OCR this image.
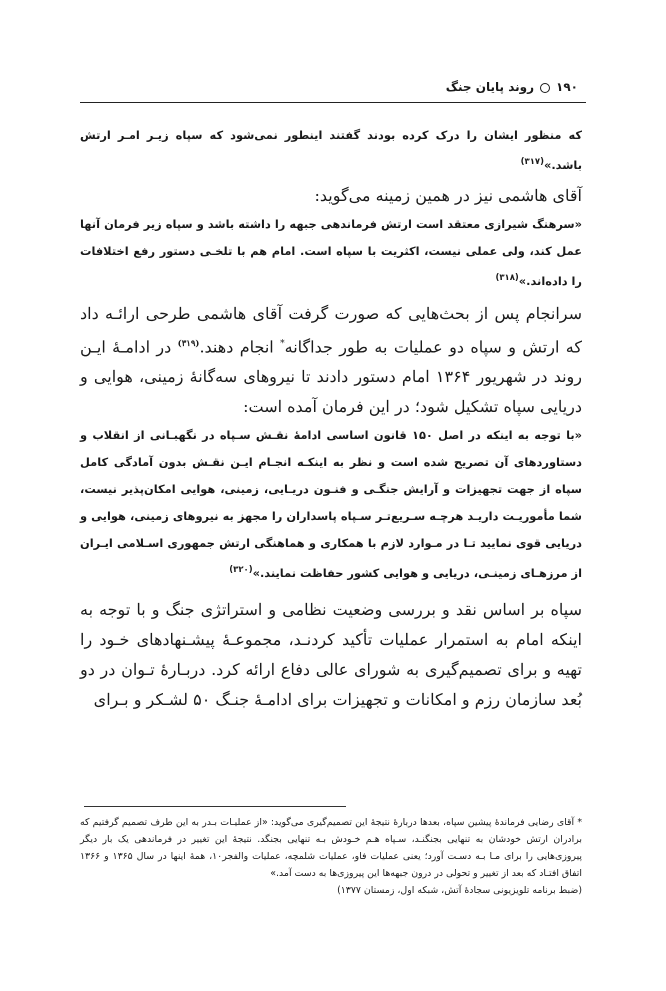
۱۹۰روند پایان جنگ

که منظور ایشان را درک کرده بودند گفتند اینطور نمی‌شود که سپاه زیـر امـر ارتش باشد.»$^{(۳۱۷)}$

آقای هاشمی نیز در همین زمینه می‌گوید:

«سرهنگ شیرازی معتقد است ارتش فرماندهی جبهه را داشته باشد و سپاه زیر فرمان آنها عمل کند، ولی عملی نیست، اکثریت با سپاه است. امام هم با تلخـی دستور رفع اختلافات را داده‌اند.»$^{(۳۱۸)}$

سرانجام پس از بحث‌هایی که صورت گرفت آقای هاشمی طرحی ارائـه داد که ارتش و سپاه دو عملیات به طور جداگانه* انجام دهند.$^{(۳۱۹)}$ در ادامـهٔ ایـن روند در شهریور ۱۳۶۴ امام دستور دادند تا نیروهای سه‌گانهٔ زمینی، هوایی و دریایی سپاه تشکیل شود؛ در این فرمان آمده است:

«با توجه به اینکه در اصل ۱۵۰ قانون اساسی ادامهٔ نقـش سـپاه در نگهبـانی از انقلاب و دستاوردهای آن تصریح شده است و نظر به اینکـه انجـام ایـن نقـش بدون آمادگی کامل سپاه از جهت تجهیزات و آرایش جنگـی و فنـون دریـایی، زمینی، هوایی امکان‌پذیر نیست، شما مأموریـت داریـد هرچـه سـریع‌تـر سـپاه پاسداران را مجهز به نیروهای زمینی، هوایی و دریایی قوی نمایید تـا در مـوارد لازم با همکاری و هماهنگی ارتش جمهوری اسـلامی ایـران از مرزهـای زمینـی، دریایی و هوایی کشور حفاظت نمایند.»$^{(۳۲۰)}$

سپاه بر اساس نقد و بررسی وضعیت نظامی و استراتژی جنگ و با توجه به اینکه امام به استمرار عملیات تأکید کردنـد، مجموعـهٔ پیشـنهادهای خـود را تهیه و برای تصمیم‌گیری به شورای عالی دفاع ارائه کرد. دربـارهٔ تـوان در دو بُعد سازمان رزم و امکانات و تجهیزات برای ادامـهٔ جنـگ ۵۰ لشـکر و بـرای

* آقای رضایی فرماندهٔ پیشین سپاه، بعدها دربارهٔ نتیجهٔ این تصمیم‌گیری می‌گوید: «از عملیـات بـدر به این طرف تصمیم گرفتیم که برادران ارتش خودشان به تنهایی بجنگنـد، سـپاه هـم خـودش بـه تنهایی بجنگد. نتیجهٔ این تغییر در فرماندهی یک بار دیگر پیروزی‌هایی را برای مـا بـه دسـت آورد؛ یعنی عملیات فاو، عملیات شلمچه، عملیات والفجر۱۰، همهٔ اینها در سال ۱۳۶۵ و ۱۳۶۶ اتفاق افتـاد که بعد از تغییر و تحولی در درون جبهه‌ها این پیروزی‌ها به دست آمد.»

(ضبط برنامه تلویزیونی سجادهٔ آتش، شبکه اول، زمستان ۱۳۷۷)
